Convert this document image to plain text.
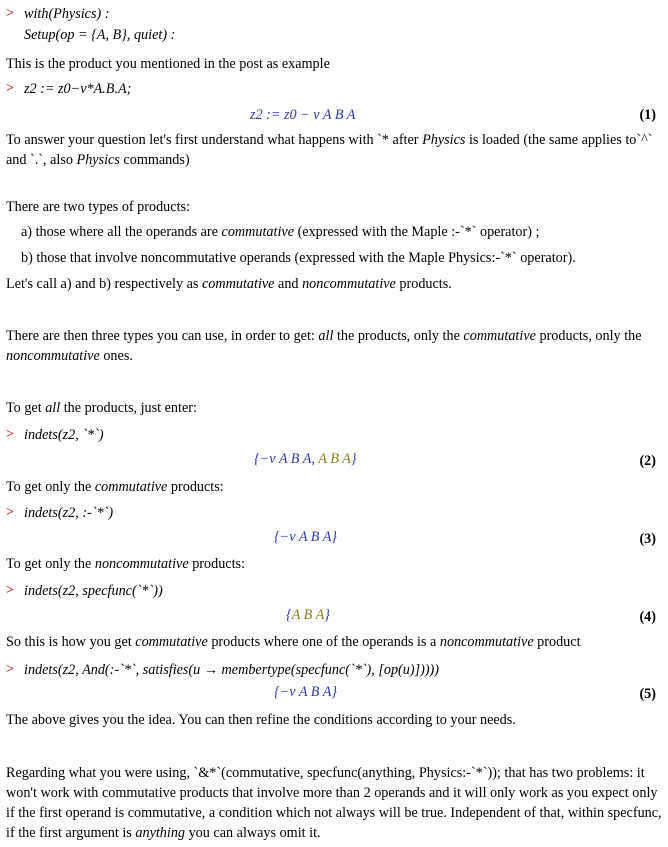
> with(Physics) :
Setup(op = {A, B}, quiet) :
This is the product you mentioned in the post as example
> z2 := z0−v*A.B.A;
z2 := z0 − v A B A	(1)
To answer your question let's first understand what happens with `* after Physics is loaded (the same applies to`^` and `.`, also Physics commands)
There are two types of products:
a) those where all the operands are commutative (expressed with the Maple :-`*` operator) ;
b) those that involve noncommutative operands (expressed with the Maple Physics:-`*` operator).
Let's call a) and b) respectively as commutative and noncommutative products.
There are then three types you can use, in order to get: all the products, only the commutative products, only the noncommutative ones.
To get all the products, just enter:
> indets(z2, `*`)
{−v A B A, A B A}	(2)
To get only the commutative products:
> indets(z2, :-`*`)
{−v A B A}	(3)
To get only the noncommutative products:
> indets(z2, specfunc(`*`))
{A B A}	(4)
So this is how you get commutative products where one of the operands is a noncommutative product
> indets(z2, And(:-`*`, satisfies(u → membertype(specfunc(`*`), [op(u)]))))
{−v A B A}	(5)
The above gives you the idea. You can then refine the conditions according to your needs.
Regarding what you were using, `&*`(commutative, specfunc(anything, Physics:-`*`)); that has two problems: it won't work with commutative products that involve more than 2 operands and it will only work as you expect only if the first operand is commutative, a condition which not always will be true. Independent of that, within specfunc, if the first argument is anything you can always omit it.
